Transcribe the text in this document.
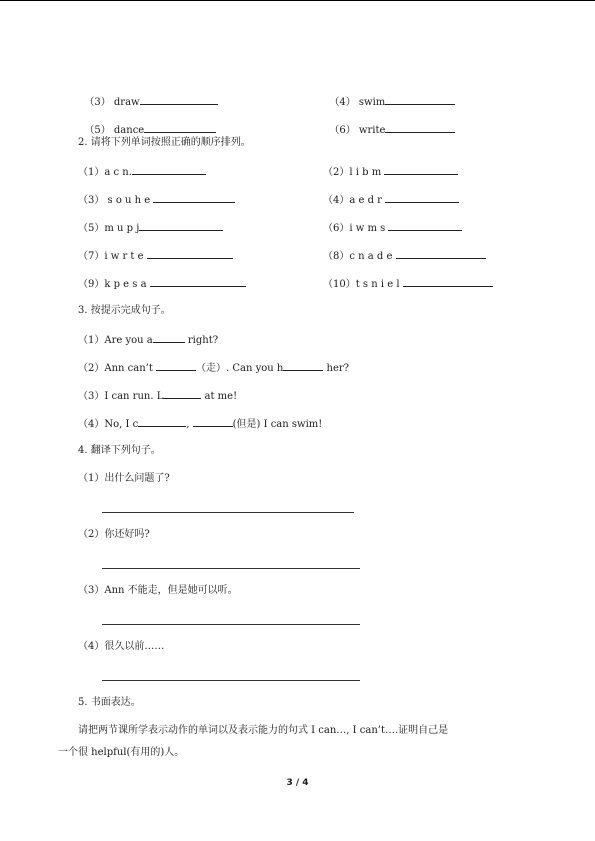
（3） draw	（4） swim

（5） dance	（6） write

2. 请将下列单词按照正确的顺序排列。
（1）a c n.	（2）l i b m
（3） s o u h e	（4）a e d r
（5）m u p j	（6）i w m s
（7）i w r t e	（8）c n a d e
（9）k p e s a	（10）t s n i e l
3. 按提示完成句子。
（1）Are you a	right?
（2）Ann can’t	（走）. Can you h	her?
（3）I can run. L	at me!
（4）No, I c	,	(但是) I can swim!
4. 翻译下列句子。
（1）出什么问题了?
（2）你还好吗?
（3）Ann 不能走，但是她可以听。
（4）很久以前……
5. 书面表达。
请把两节课所学表示动作的单词以及表示能力的句式 I can…, I can’t….证明自己是
一个很 helpful(有用的)人。
3 / 4
